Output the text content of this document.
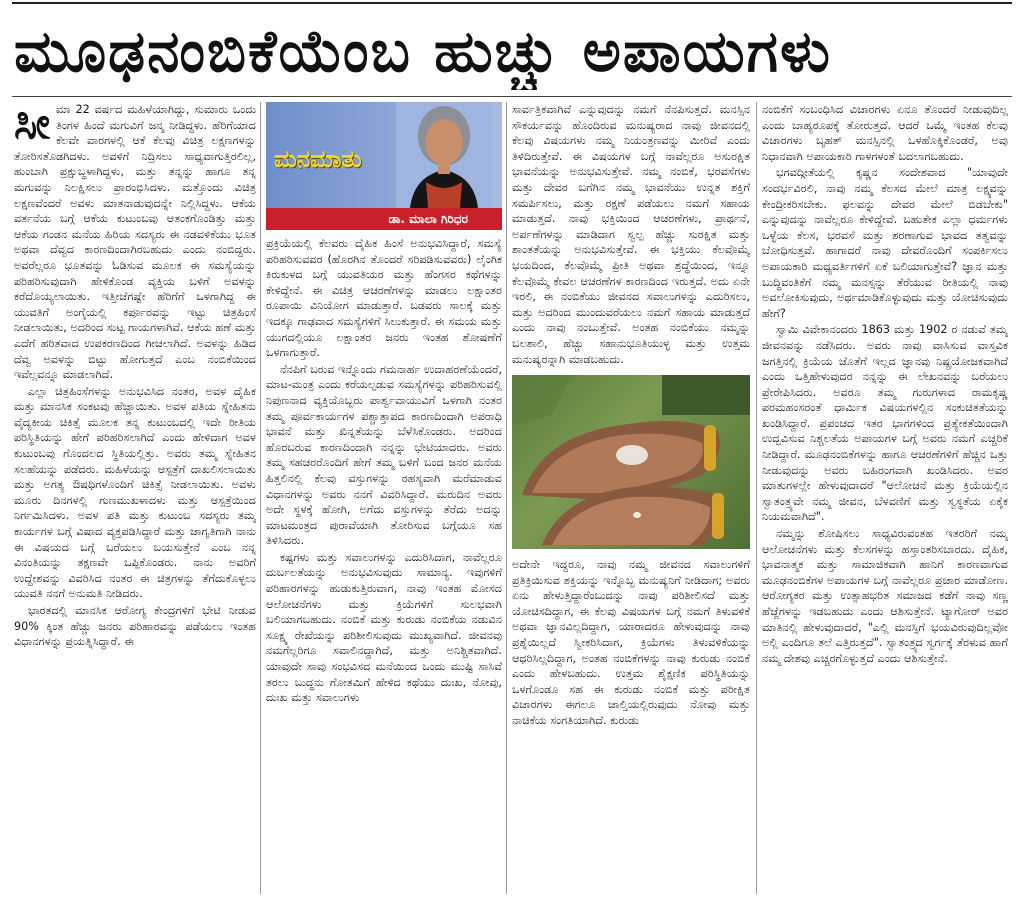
ಮೂಢನಂಬಿಕೆಯೆಂಬ ಹುಚ್ಚು ಅಪಾಯಗಳು

ಸೀಮಾ 22 ವರ್ಷದ ಮಹಿಳೆಯಾಗಿದ್ದು, ಸುಮಾರು ಒಂದು ತಿಂಗಳ ಹಿಂದೆ ಮಗುವಿಗೆ ಜನ್ಮ ನೀಡಿದ್ದಳು. ಹೆರಿಗೆಯಾದ ಕೆಲವೇ ವಾರಗಳಲ್ಲಿ ಆಕೆ ಕೆಲವು ವಿಚಿತ್ರ ಲಕ್ಷಣಗಳನ್ನು ತೋರಿಸತೊಡಗಿದಳು. ಅವಳಿಗೆ ನಿದ್ರಿಸಲು ಸಾಧ್ಯವಾಗುತ್ತಿರಲಿಲ್ಲ, ಹುಂಬಾಗಿ ಪ್ರಕ್ಷುಬ್ಧಳಾಗಿದ್ದಳು, ಮತ್ತು ತನ್ನನ್ನು ಹಾಗೂ ತನ್ನ ಮಗುವನ್ನು ನಿಲಕ್ಷಿಸಲು ಪ್ರಾರಂಭಿಸಿದಳು. ಮತ್ತೊಂದು ವಿಚಿತ್ರ ಲಕ್ಷಣವೆಂದರೆ ಅವಳು ಮಾತನಾಡುವುದನ್ನೇ ನಿಲ್ಲಿಸಿದ್ದಳು. ಆಕೆಯ ವರ್ತನೆಯ ಬಗ್ಗೆ ಆಕೆಯ ಕುಟುಂಬವು ಆತಂಕಗೊಂಡಿತ್ತು ಮತ್ತು ಆಕೆಯ ಗಂಡನ ಮನೆಯ ಹಿರಿಯ ಸದಸ್ಯರು ಈ ನಡವಳಿಕೆಯು ಭೂತ ಅಥವಾ ದೆವ್ವದ ಕಾರಣದಿಂದಾಗಿರಬಹುದು ಎಂದು ನಂಬಿದ್ದರು. ಅವರೆಲ್ಲರೂ ಭೂತವನ್ನು ಓಡಿಸುವ ಮೂಲಕ ಈ ಸಮಸ್ಯೆಯನ್ನು ಪರಿಹರಿಸುವುದಾಗಿ ಹೇಳಿಕೊಂಡ ವ್ಯಕ್ತಿಯ ಬಳಿಗೆ ಅವಳನ್ನು ಕರೆದೊಯ್ಯಲಾಯಿತು. ಇತ್ತೀಚೆಗಷ್ಟೇ ಹೆರಿಗೆಗೆ ಒಳಗಾಗಿದ್ದ ಈ ಯುವತಿಗೆ ಅಂಗೈಯಲ್ಲಿ ಕರ್ಪೂರವನ್ನು ಇಟ್ಟು ಚಿತ್ರಹಿಂಸೆ ನೀಡಲಾಯಿತು, ಅದರಿಂದ ಸುಟ್ಟ ಗಾಯಗಳಾಗಿವೆ. ಆಕೆಯ ಹಣೆ ಮತ್ತು ಎದೆಗೆ ಹರಿತವಾದ ಉಪಕರಣದಿಂದ ಗೀಚಲಾಗಿದೆ. ಅವಳನ್ನು ಹಿಡಿದ ದೆವ್ವ ಅವಳನ್ನು ಬಿಟ್ಟು ಹೋಗುತ್ತದೆ ಎಂಬ ನಂಬಿಕೆಯಿಂದ ಇವೆಲ್ಲವನ್ನೂ ಮಾಡಲಾಗಿದೆ.

ಎಲ್ಲಾ ಚಿತ್ರಹಿಂಸೆಗಳನ್ನು ಅನುಭವಿಸಿದ ನಂತರ, ಅವಳ ದೈಹಿಕ ಮತ್ತು ಮಾನಸಿಕ ಸಂಕಟವು ಹೆಚ್ಚಾಯಿತು. ಅವಳ ಪತಿಯ ಸ್ನೇಹಿತನು ವೈದ್ಯಕೀಯ ಚಿಕಿತ್ಸೆ ಮೂಲಕ ತನ್ನ ಕುಟುಂಬದಲ್ಲಿ ಇದೇ ರೀತಿಯ ಪರಿಸ್ಥಿತಿಯನ್ನು ಹೇಗೆ ಪರಿಹರಿಸಲಾಗಿದೆ ಎಂದು ಹೇಳಿದಾಗ ಅವಳ ಕುಟುಂಬವು ಗೊಂದಲದ ಸ್ಥಿತಿಯಲ್ಲಿತ್ತು. ಅವರು ತಮ್ಮ ಸ್ನೇಹಿತನ ಸಲಹೆಯನ್ನು ಪಡೆದರು. ಮಹಿಳೆಯನ್ನು ಆಸ್ಪತ್ರೆಗೆ ದಾಖಲಿಸಲಾಯಿತು ಮತ್ತು ಅಗತ್ಯ ಔಷಧಿಗಳೊಂದಿಗೆ ಚಿಕಿತ್ಸೆ ನೀಡಲಾಯಿತು. ಅವಳು ಮೂರು ದಿನಗಳಲ್ಲಿ ಗುಣಮುಖಳಾದಳು ಮತ್ತು ಆಸ್ಪತ್ರೆಯಿಂದ ನಿರ್ಗಮಿಸಿದಳು. ಅವಳ ಪತಿ ಮತ್ತು ಕುಟುಂಬ ಸದಸ್ಯರು ತಮ್ಮ ಕಾರ್ಯಗಳ ಬಗ್ಗೆ ವಿಷಾದ ವ್ಯಕ್ತಪಡಿಸಿದ್ದಾರೆ ಮತ್ತು ಜಾಗೃತಿಗಾಗಿ ನಾನು ಈ ವಿಷಯದ ಬಗ್ಗೆ ಬರೆಯಲು ಬಯಸುತ್ತೇನೆ ಎಂಬ ನನ್ನ ವಿನಂತಿಯನ್ನು ತಕ್ಷಣವೇ ಒಪ್ಪಿಕೊಂಡರು. ನಾನು ಅವರಿಗೆ ಉದ್ದೇಶವನ್ನು ವಿವರಿಸಿದ ನಂತರ ಈ ಚಿತ್ರಗಳನ್ನು ತೆಗೆದುಕೊಳ್ಳಲು ಯುವತಿ ನನಗೆ ಅನುಮತಿ ನೀಡಿದರು.

ಭಾರತದಲ್ಲಿ ಮಾನಸಿಕ ಆರೋಗ್ಯ ಕೇಂದ್ರಗಳಿಗೆ ಭೇಟಿ ನೀಡುವ 90% ಕ್ಕಿಂತ ಹೆಚ್ಚು ಜನರು ಪರಿಹಾರವನ್ನು ಪಡೆಯಲು ಇಂತಹ ವಿಧಾನಗಳನ್ನು ಪ್ರಯತ್ನಿಸಿದ್ದಾರೆ. ಈ

ಮನಮಾತು
ಡಾ. ಮಾಲಾ ಗಿರಿಧರ

ಪ್ರಕ್ರಿಯೆಯಲ್ಲಿ ಕೆಲವರು ದೈಹಿಕ ಹಿಂಸೆ ಅನುಭವಿಸಿದ್ದಾರೆ, ಸಮಸ್ಯೆ ಪರಿಹರಿಸುವವರ (ಹೊರಗಿನ ತೊಂದರೆ ಸರಿಪಡಿಸುವವರು) ಲೈಂಗಿಕ ಕಿರುಕುಳದ ಬಗ್ಗೆ ಯುವತಿಯರ ಮತ್ತು ಹೆಂಗಸರ ಕಥೆಗಳನ್ನು ಕೇಳಿದ್ದೇನೆ. ಈ ವಿಚಿತ್ರ ಆಚರಣೆಗಳನ್ನು ಮಾಡಲು ಲಕ್ಷಾಂತರ ರೂಪಾಯಿ ವಿನಿಯೋಗ ಮಾಡುತ್ತಾರೆ. ಬಡವರು ಸಾಲಕ್ಕೆ ಮತ್ತು ಇದಕ್ಕೂ ಗಾಢವಾದ ಸಮಸ್ಯೆಗಳಿಗೆ ಸಿಲುಕುತ್ತಾರೆ. ಈ ಸಮಯ ಮತ್ತು ಯುಗದಲ್ಲಿಯೂ ಲಕ್ಷಾಂತರ ಜನರು ಇಂತಹ ಶೋಷಣೆಗೆ ಒಳಗಾಗುತ್ತಾರೆ.

ನೆನಪಿಗೆ ಬರುವ ಇನ್ನೊಂದು ಗಮನಾರ್ಹ ಉದಾಹರಣೆಯೆಂದರೆ, ಮಾಟ-ಮಂತ್ರ ಎಂದು ಕರೆಯಲ್ಪಡುವ ಸಮಸ್ಯೆಗಳನ್ನು ಪರಿಹರಿಸುವಲ್ಲಿ ನಿಪುಣನಾದ ವ್ಯಕ್ತಿಯೊಬ್ಬರು ಪಾರ್ಶ್ವವಾಯುವಿಗೆ ಒಳಗಾಗಿ ನಂತರ ತಮ್ಮ ಪೂರ್ವಕಾರ್ಯಗಳ ಪಶ್ಚಾತ್ತಾಪದ ಕಾರಣದಿಂದಾಗಿ ಅಪರಾಧಿ ಭಾವನೆ ಮತ್ತು ಖಿನ್ನತೆಯನ್ನು ಬೆಳೆಸಿಕೊಂಡರು. ಅದರಿಂದ ಹೊರಬರುವ ಕಾರಣದಿಂದಾಗಿ ನನ್ನನ್ನು ಭೇಟಿಯಾದರು. ಅವರು ತಮ್ಮ ಸಹಚರರೊಂದಿಗೆ ಹೇಗೆ ತಮ್ಮ ಬಳಿಗೆ ಬಂದ ಜನರ ಮನೆಯ ಹಿತ್ತಲಿನಲ್ಲಿ ಕೆಲವು ವಸ್ತುಗಳನ್ನು ರಹಸ್ಯವಾಗಿ ಮರೆಮಾಡುವ ವಿಧಾನಗಳನ್ನು ಅವರು ನನಗೆ ವಿವರಿಸಿದ್ದಾರೆ. ಮರುದಿನ ಅವರು ಅದೇ ಸ್ಥಳಕ್ಕೆ ಹೋಗಿ, ಅಗೆದು ವಸ್ತುಗಳನ್ನು ತೆರೆದು ಅದನ್ನು ಮಾಟಮಂತ್ರದ ಪುರಾವೆಯಾಗಿ ತೋರಿಸುವ ಬಗ್ಗೆಯೂ ಸಹ ತಿಳಿಸಿದರು.

ಕಷ್ಟಗಳು ಮತ್ತು ಸವಾಲುಗಳನ್ನು ಎದುರಿಸಿದಾಗ, ನಾವೆಲ್ಲರೂ ದುರ್ಬಲತೆಯನ್ನು ಅನುಭವಿಸುವುದು ಸಾಮಾನ್ಯ. ಇವುಗಳಿಗೆ ಪರಿಹಾರಗಳನ್ನು ಹುಡುಕುತ್ತಿರುವಾಗ, ನಾವು ಇಂತಹ ಮೋಸದ ಆಲೋಚನೆಗಳು ಮತ್ತು ಕ್ರಿಯೆಗಳಿಗೆ ಸುಲಭವಾಗಿ ಬಲಿಯಾಗಬಹುದು. ನಂಬಿಕೆ ಮತ್ತು ಕುರುಡು ನಂಬಿಕೆಯ ನಡುವಿನ ಸೂಕ್ಷ್ಮ ರೇಖೆಯನ್ನು ಪರಿಶೀಲಿಸುವುದು ಮುಖ್ಯವಾಗಿದೆ. ಜೀವನವು ನಮಗೆಲ್ಲರಿಗೂ ಸವಾಲಿನದ್ದಾಗಿದೆ, ಮತ್ತು ಅನಿಶ್ಚಿತವಾಗಿದೆ. ಯಾವುದೇ ಸಾವು ಸಂಭವಿಸದ ಮನೆಯಿಂದ ಒಂದು ಮುಷ್ಟಿ ಸಾಸಿವೆ ತರಲು ಬುದ್ಧನು ಗೋತಮಿಗೆ ಹೇಳಿದ ಕಥೆಯು ದುಃಖ, ನೋವು, ದುಃಖ ಮತ್ತು ಸವಾಲುಗಳು

ಸಾರ್ವತ್ರಿಕವಾಗಿವೆ ಎನ್ನುವುದನ್ನು ನಮಗೆ ನೆನಪಿಸುತ್ತದೆ. ಮನಸ್ಸಿನ ಸೌಕರ್ಯವನ್ನು ಹೊಂದಿರುವ ಮನುಷ್ಯರಾದ ನಾವು ಜೀವನದಲ್ಲಿ ಕೆಲವು ವಿಷಯಗಳು ನಮ್ಮ ನಿಯಂತ್ರಣವನ್ನು ಮೀರಿವೆ ಎಂದು ತಿಳಿದಿರುತ್ತೇವೆ. ಈ ವಿಷಯಗಳ ಬಗ್ಗೆ ನಾವೆಲ್ಲರೂ ಅಸುರಕ್ಷಿತ ಭಾವನೆಯನ್ನು ಅನುಭವಿಸುತ್ತೇವೆ. ನಮ್ಮ ನಂಬಿಕೆ, ಭರವಸೆಗಳು ಮತ್ತು ದೇವರ ಬಗೆಗಿನ ನಮ್ಮ ಭಾವನೆಯು ಉನ್ನತ ಶಕ್ತಿಗೆ ಸಮರ್ಪಿಸಲು, ಮತ್ತು ರಕ್ಷಣೆ ಪಡೆಯಲು ನಮಗೆ ಸಹಾಯ ಮಾಡುತ್ತದೆ. ನಾವು ಭಕ್ತಿಯಿಂದ ಆಚರಣೆಗಳು, ಪ್ರಾರ್ಥನೆ, ಅರ್ಪಣೆಗಳನ್ನು ಮಾಡಿದಾಗ ಸ್ವಲ್ಪ ಹೆಚ್ಚು ಸುರಕ್ಷಿತ ಮತ್ತು ಶಾಂತತೆಯನ್ನು ಅನುಭವಿಸುತ್ತೇವೆ. ಈ ಭಕ್ತಿಯು ಕೆಲವೊಮ್ಮೆ ಭಯದಿಂದ, ಕೆಲವೊಮ್ಮೆ ಪ್ರೀತಿ ಅಥವಾ ಶ್ರದ್ಧೆಯಿಂದ, ಇನ್ನೂ ಕೆಲವೊಮ್ಮೆ ಕೇವಲ ಆಚರಣೆಗಳ ಕಾರಣದಿಂದ ಇರುತ್ತದೆ. ಅದು ಏನೇ ಇರಲಿ, ಈ ನಂಬಿಕೆಯು ಜೀವನದ ಸವಾಲುಗಳನ್ನು ಎದುರಿಸಲು, ಮತ್ತು ಅದರಿಂದ ಮುಂದುವರೆಯಲು ನಮಗೆ ಸಹಾಯ ಮಾಡುತ್ತದೆ ಎಂದು ನಾವು ನಂಬುತ್ತೇವೆ. ಅಂತಹ ನಂಬಿಕೆಯು ನಮ್ಮನ್ನು ಬಲಶಾಲಿ, ಹೆಚ್ಚು ಸಹಾನುಭೂತಿಯುಳ್ಳ ಮತ್ತು ಉತ್ತಮ ಮನುಷ್ಯರನ್ನಾಗಿ ಮಾಡಬಹುದು.

ಅದೇನೇ ಇದ್ದರೂ, ನಾವು ನಮ್ಮ ಜೀವನದ ಸವಾಲುಗಳಿಗೆ ಪ್ರತಿಕ್ರಿಯಿಸುವ ಶಕ್ತಿಯನ್ನು ಇನ್ನೊಬ್ಬ ಮನುಷ್ಯನಿಗೆ ನೀಡಿದಾಗ; ಅವರು ಏನು ಹೇಳುತ್ತಿದ್ದಾರೆಂಬುದನ್ನು ನಾವು ಪರಿಶೀಲಿಸದೆ ಮತ್ತು ಯೋಚಿಸದಿದ್ದಾಗ, ಈ ಕೆಲವು ವಿಷಯಗಳ ಬಗ್ಗೆ ನಮಗೆ ತಿಳುವಳಿಕೆ ಅಥವಾ ಜ್ಞಾನವಿಲ್ಲದಿದ್ದಾಗ, ಯಾರಾದರೂ ಹೇಳುವುದನ್ನು ನಾವು ಪ್ರಶ್ನೆಯಿಲ್ಲದೆ ಸ್ವೀಕರಿಸಿದಾಗ, ಕ್ರಿಯೆಗಳು ತಿಳುವಳಿಕೆಯನ್ನು ಆಧರಿಸಿಲ್ಲದಿದ್ದಾಗ, ಅಂತಹ ನಂಬಿಕೆಗಳನ್ನು ನಾವು ಕುರುಡು ನಂಬಿಕೆ ಎಂದು ಹೇಳಬಹುದು. ಉತ್ತಮ ಶೈಕ್ಷಣಿಕ ಪರಿಸ್ಥಿತಿಯನ್ನು ಒಳಗೊಂಡೂ ಸಹ ಈ ಕುರುಡು ನಂಬಿಕೆ ಮತ್ತು ಪರೀಕ್ಷಿತ ವಿಚಾರಗಳು ಈಗಲೂ ಚಾಲ್ತಿಯಲ್ಲಿರುವುದು ನೋವು ಮತ್ತು ನಾಚಿಕೆಯ ಸಂಗತಿಯಾಗಿದೆ. ಕುರುಡು

ನಂಬಿಕೆಗೆ ಸಂಬಂಧಿಸಿದ ವಿಚಾರಗಳು ಏನೂ ತೊಂದರೆ ನೀಡುವುದಿಲ್ಲ ಎಂದು ಬಾಹ್ಯರೂಪಕ್ಕೆ ತೋರುತ್ತದೆ. ಆದರೆ ಒಮ್ಮೆ ಇಂತಹ ಕೆಲವು ವಿಚಾರಗಳು ಬೃಹತ್ ಮನಸ್ಸಿನಲ್ಲಿ ಒಳಹೊಕ್ಕಿಕೊಂಡರೆ, ಅವು ನಿಧಾನವಾಗಿ ಅಪಾಯಕಾರಿ ಗಾಳಗಳಂತೆ ಬದಲಾಗಬಹುದು.

ಭಗವದ್ಗೀತೆಯಲ್ಲಿ ಕೃಷ್ಣನ ಸಂದೇಶವಾದ "ಯಾವುದೇ ಸಂದರ್ಭವಿರಲಿ, ನಾವು ನಮ್ಮ ಕೆಲಸದ ಮೇಲೆ ಮಾತ್ರ ಲಕ್ಷ್ಯವನ್ನು ಕೇಂದ್ರೀಕರಿಸಬೇಕು. ಫಲವನ್ನು ದೇವರ ಮೇಲೆ ಬಿಡಬೇಕು" ಎನ್ನುವುದನ್ನು ನಾವೆಲ್ಲರೂ ಕೇಳಿದ್ದೇವೆ. ಬಹುತೇಕ ಎಲ್ಲಾ ಧರ್ಮಗಳು ಒಳ್ಳೆಯ ಕೆಲಸ, ಭರವಸೆ ಮತ್ತು ಶರಣಾಗುವ ಭಾವದ ತತ್ವವನ್ನು ಬೋಧಿಸುತ್ತವೆ. ಹಾಗಾದರೆ ನಾವು ದೇವರೊಂದಿಗೆ ಸಂಪರ್ಕಿಸಲು ಅಪಾಯಕಾರಿ ಮಧ್ಯವರ್ತಿಗಳಿಗೆ ಏಕೆ ಬಲಿಯಾಗುತ್ತೇವೆ? ಜ್ಞಾನ ಮತ್ತು ಬುದ್ಧಿವಂತಿಕೆಗೆ ನಮ್ಮ ಮನಸ್ಸನ್ನು ತೆರೆಯುವ ರೀತಿಯಲ್ಲಿ ನಾವು ಅವಲೋಕಿಸುವುದು, ಅರ್ಥಮಾಡಿಕೊಳ್ಳುವುದು ಮತ್ತು ಯೋಚಿಸುವುದು ಹೇಗೆ?

ಸ್ವಾಮಿ ವಿವೇಕಾನಂದರು 1863 ಮತ್ತು 1902 ರ ನಡುವೆ ತಮ್ಮ ಜೀವನವನ್ನು ನಡೆಸಿದರು. ಅವರು ನಾವು ವಾಸಿಸುವ ವಾಸ್ತವಿಕ ಜಗತ್ತಿನಲ್ಲಿ ಕ್ರಿಯೆಯ ಜೊತೆಗೆ ಇಲ್ಲದ ಜ್ಞಾನವು ನಿಷ್ಪ್ರಯೋಜಕವಾಗಿದೆ ಎಂದು ಒತ್ತಿಹೇಳುವುದರ ನನ್ನನ್ನು ಈ ಲೇಖನವನ್ನು ಬರೆಯಲು ಪ್ರೇರೇಪಿಸಿದರು. ಅವರೂ ತಮ್ಮ ಗುರುಗಳಾದ ರಾಮಕೃಷ್ಣ ಪರಮಹಂಸರಂತೆ ಧಾರ್ಮಿಕ ವಿಷಯಗಳಲ್ಲಿನ ಸಂಕುಚಿತತೆಯನ್ನು ಖಂಡಿಸಿದ್ದಾರೆ. ಪ್ರಪಂಚದ ಇತರ ಭಾಗಗಳಿಂದ ಪ್ರತ್ಯೇಕತೆಯಿಂದಾಗಿ ಉದ್ಭವಿಸುವ ನಿಶ್ಚಲತೆಯ ಅಪಾಯಗಳ ಬಗ್ಗೆ ಅವರು ನಮಗೆ ಎಚ್ಚರಿಕೆ ನೀಡಿದ್ದಾರೆ. ಮೂಢನಂಬಿಕೆಗಳನ್ನು ಹಾಗೂ ಆಚರಣೆಗಳಿಗೆ ಹೆಚ್ಚಿನ ಒತ್ತು ನೀಡುವುದನ್ನು ಅವರು ಬಹಿರಂಗವಾಗಿ ಖಂಡಿಸಿದರು. ಅವರ ಮಾತುಗಳಲ್ಲೇ ಹೇಳುವುದಾದರೆ "ಆಲೋಚನೆ ಮತ್ತು ಕ್ರಿಯೆಯಲ್ಲಿನ ಸ್ವಾತಂತ್ರ್ಯವೇ ನಮ್ಮ ಜೀವನ, ಬೆಳವಣಿಗೆ ಮತ್ತು ಸ್ವಸ್ಥತೆಯ ಏಕೈಕ ನಿಯಮವಾಗಿದೆ".

ನಮ್ಮನ್ನು ಶೋಷಿಸಲು ಸಾಧ್ಯವಿರುವಂತಹ ಇತರರಿಗೆ ನಮ್ಮ ಆಲೋಚನೆಗಳು ಮತ್ತು ಕೆಲಸಗಳನ್ನು ಹಸ್ತಾಂತರಿಸಬಾರದು. ದೈಹಿಕ, ಭಾವನಾತ್ಮಕ ಮತ್ತು ಸಾಮಾಜಿಕವಾಗಿ ಹಾನಿಗೆ ಕಾರಣವಾಗುವ ಮೂಢನಂಬಿಕೆಗಳ ಅಪಾಯಗಳ ಬಗ್ಗೆ ನಾವೆಲ್ಲರೂ ಪ್ರಚಾರ ಮಾಡೋಣ. ಆರೋಗ್ಯಕರ ಮತ್ತು ಉತ್ಸಾಹಭರಿತ ಸಮಾಜದ ಕಡೆಗೆ ನಾವು ಸಣ್ಣ ಹೆಜ್ಜೆಗಳನ್ನು ಇಡಬಹುದು ಎಂದು ಆಶಿಸುತ್ತೇನೆ. ಟ್ಯಾಗೋರ್ ಅವರ ಮಾತಿನಲ್ಲಿ ಹೇಳುವುದಾದರೆ, "ಎಲ್ಲಿ ಮನಸ್ಸಿಗೆ ಭಯವಿರುವುದಿಲ್ಲವೋ ಅಲ್ಲಿ ಎಂದಿಗೂ ತಲೆ ಎತ್ತಿರುತ್ತದೆ". ಸ್ವಾತಂತ್ರ್ಯದ ಸ್ವರ್ಗಕ್ಕೆ ತೆರಳುವ ಹಾಗೆ ನಮ್ಮ ದೇಶವು ಎಚ್ಚರಗೊಳ್ಳುತ್ತದೆ ಎಂದು ಆಶಿಸುತ್ತೇನೆ.
